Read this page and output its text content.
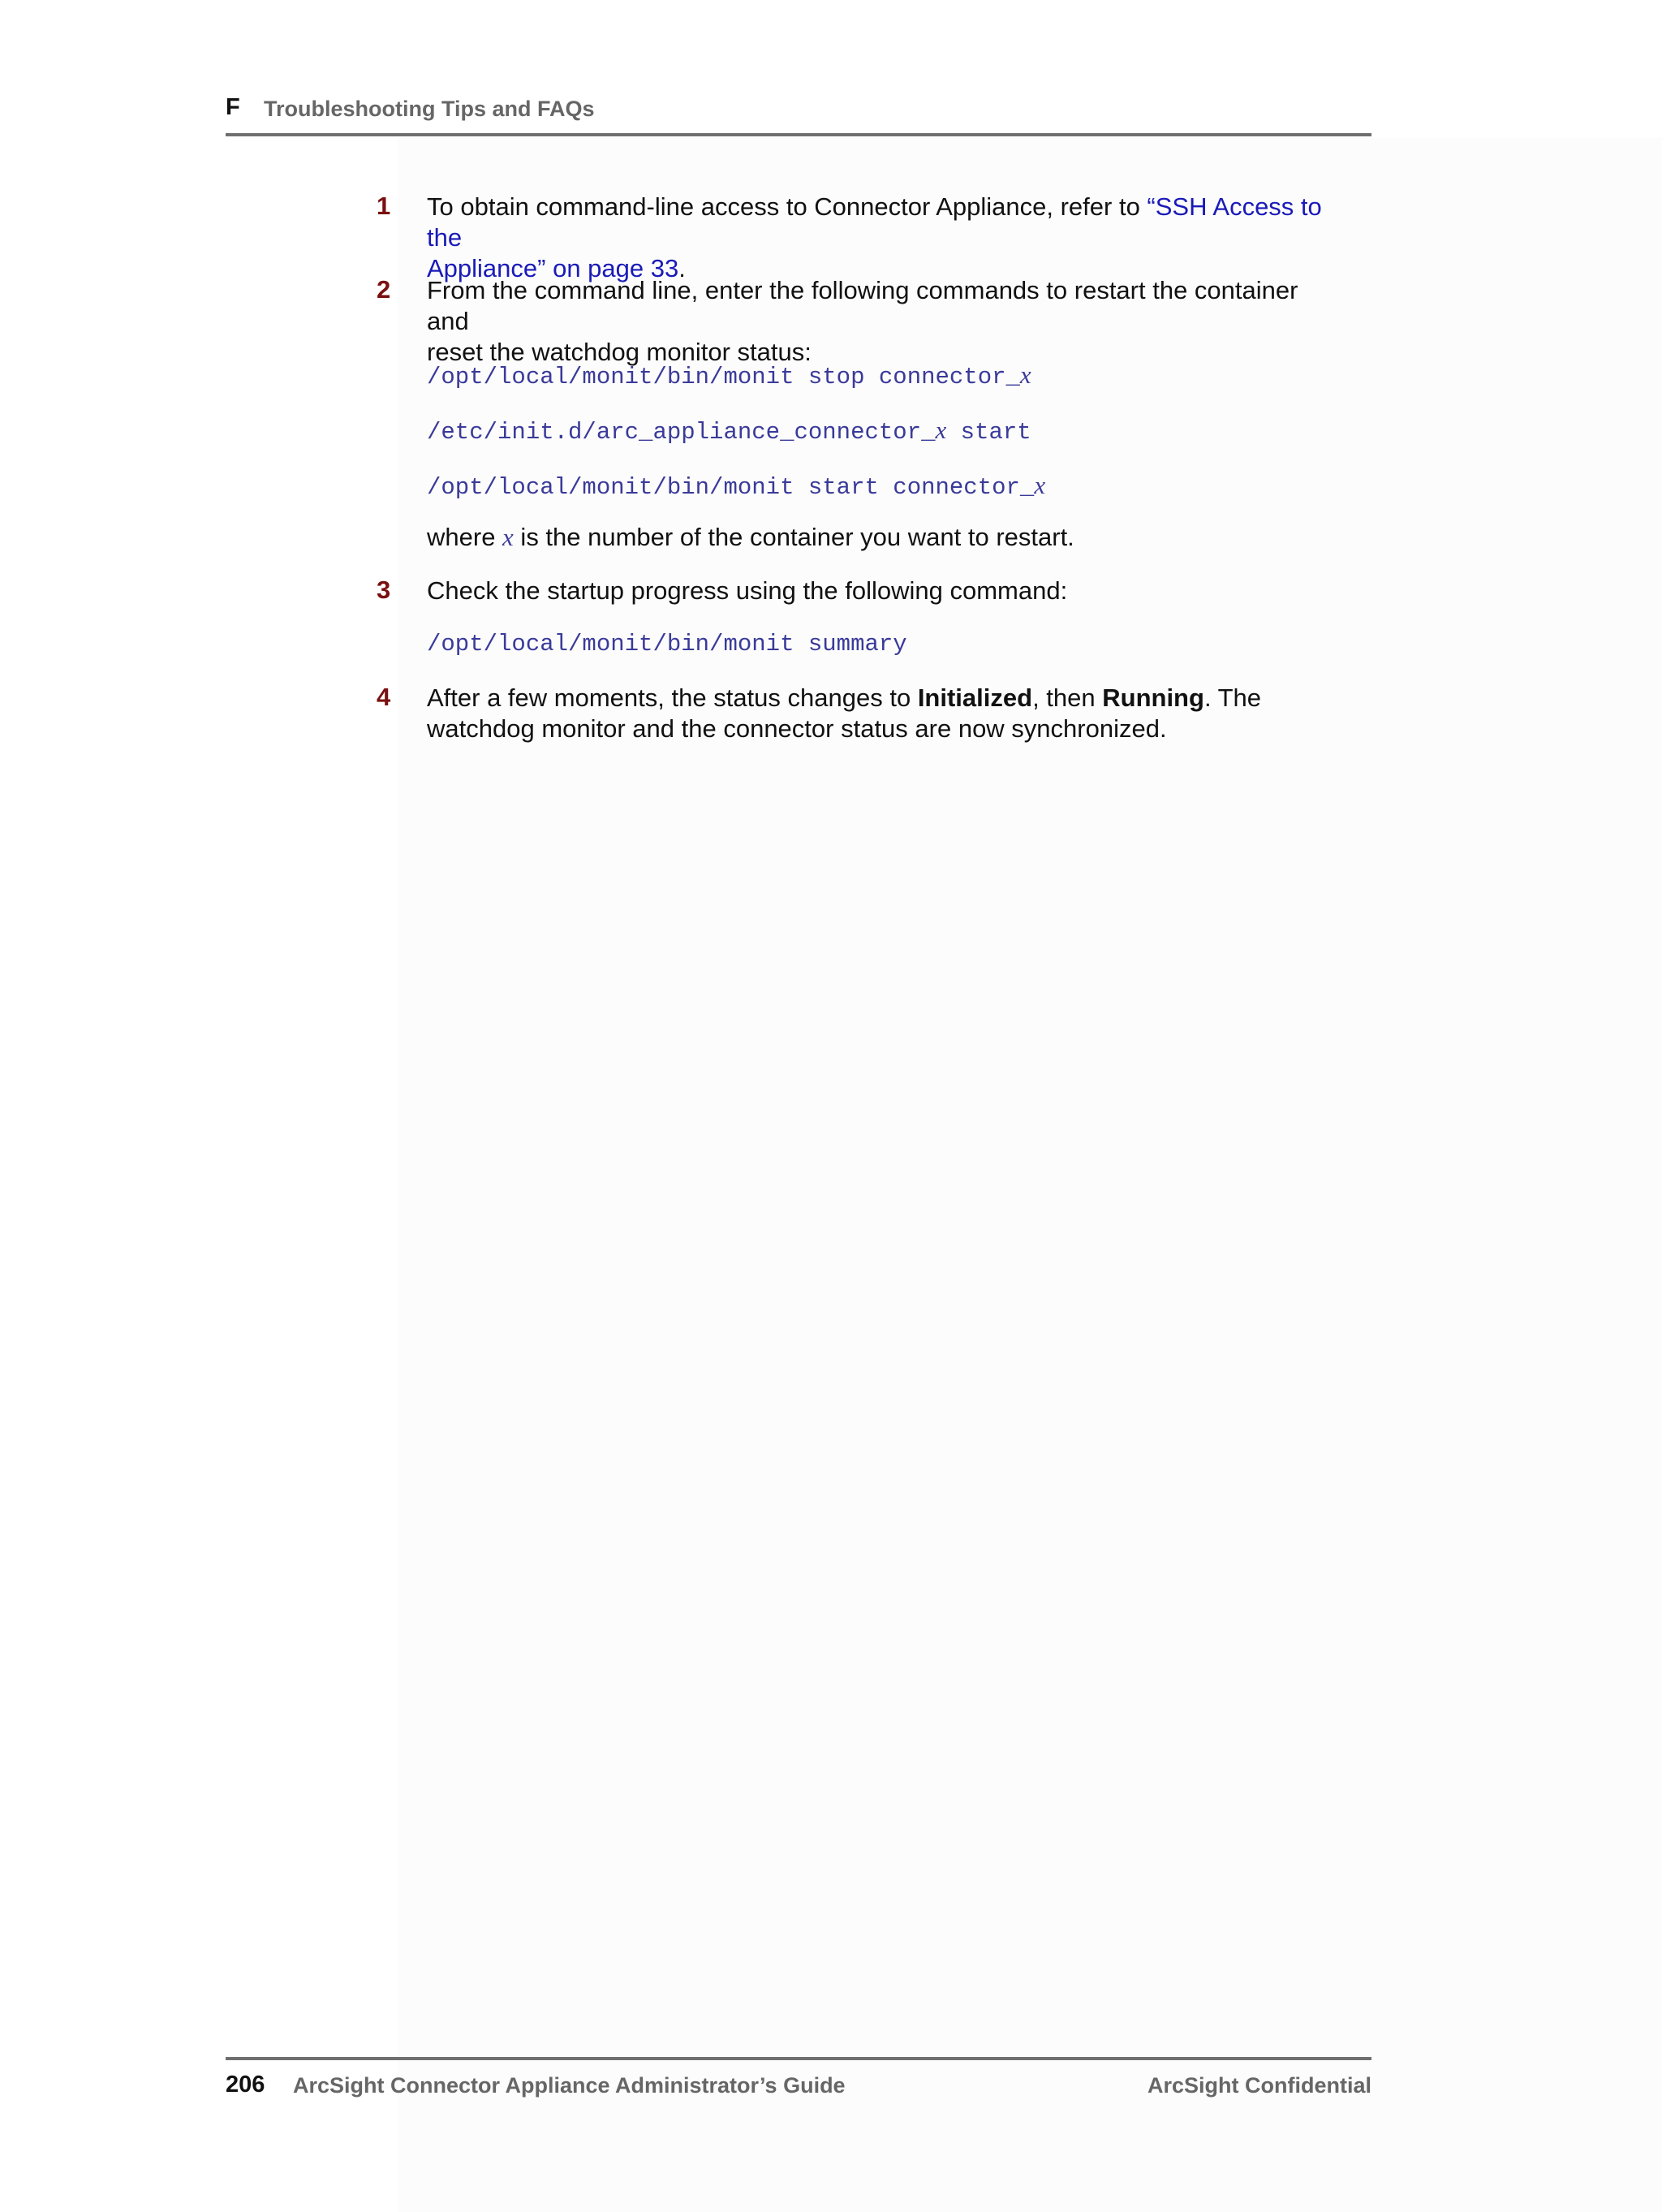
F Troubleshooting Tips and FAQs
1 To obtain command-line access to Connector Appliance, refer to “SSH Access to the
Appliance” on page 33.
2 From the command line, enter the following commands to restart the container and
reset the watchdog monitor status:
/opt/local/monit/bin/monit stop connector_x
/etc/init.d/arc_appliance_connector_x start
/opt/local/monit/bin/monit start connector_x
where x is the number of the container you want to restart.
3 Check the startup progress using the following command:
/opt/local/monit/bin/monit summary
4 After a few moments, the status changes to Initialized, then Running. The
watchdog monitor and the connector status are now synchronized.
206 ArcSight Connector Appliance Administrator’s Guide	ArcSight Confidential
